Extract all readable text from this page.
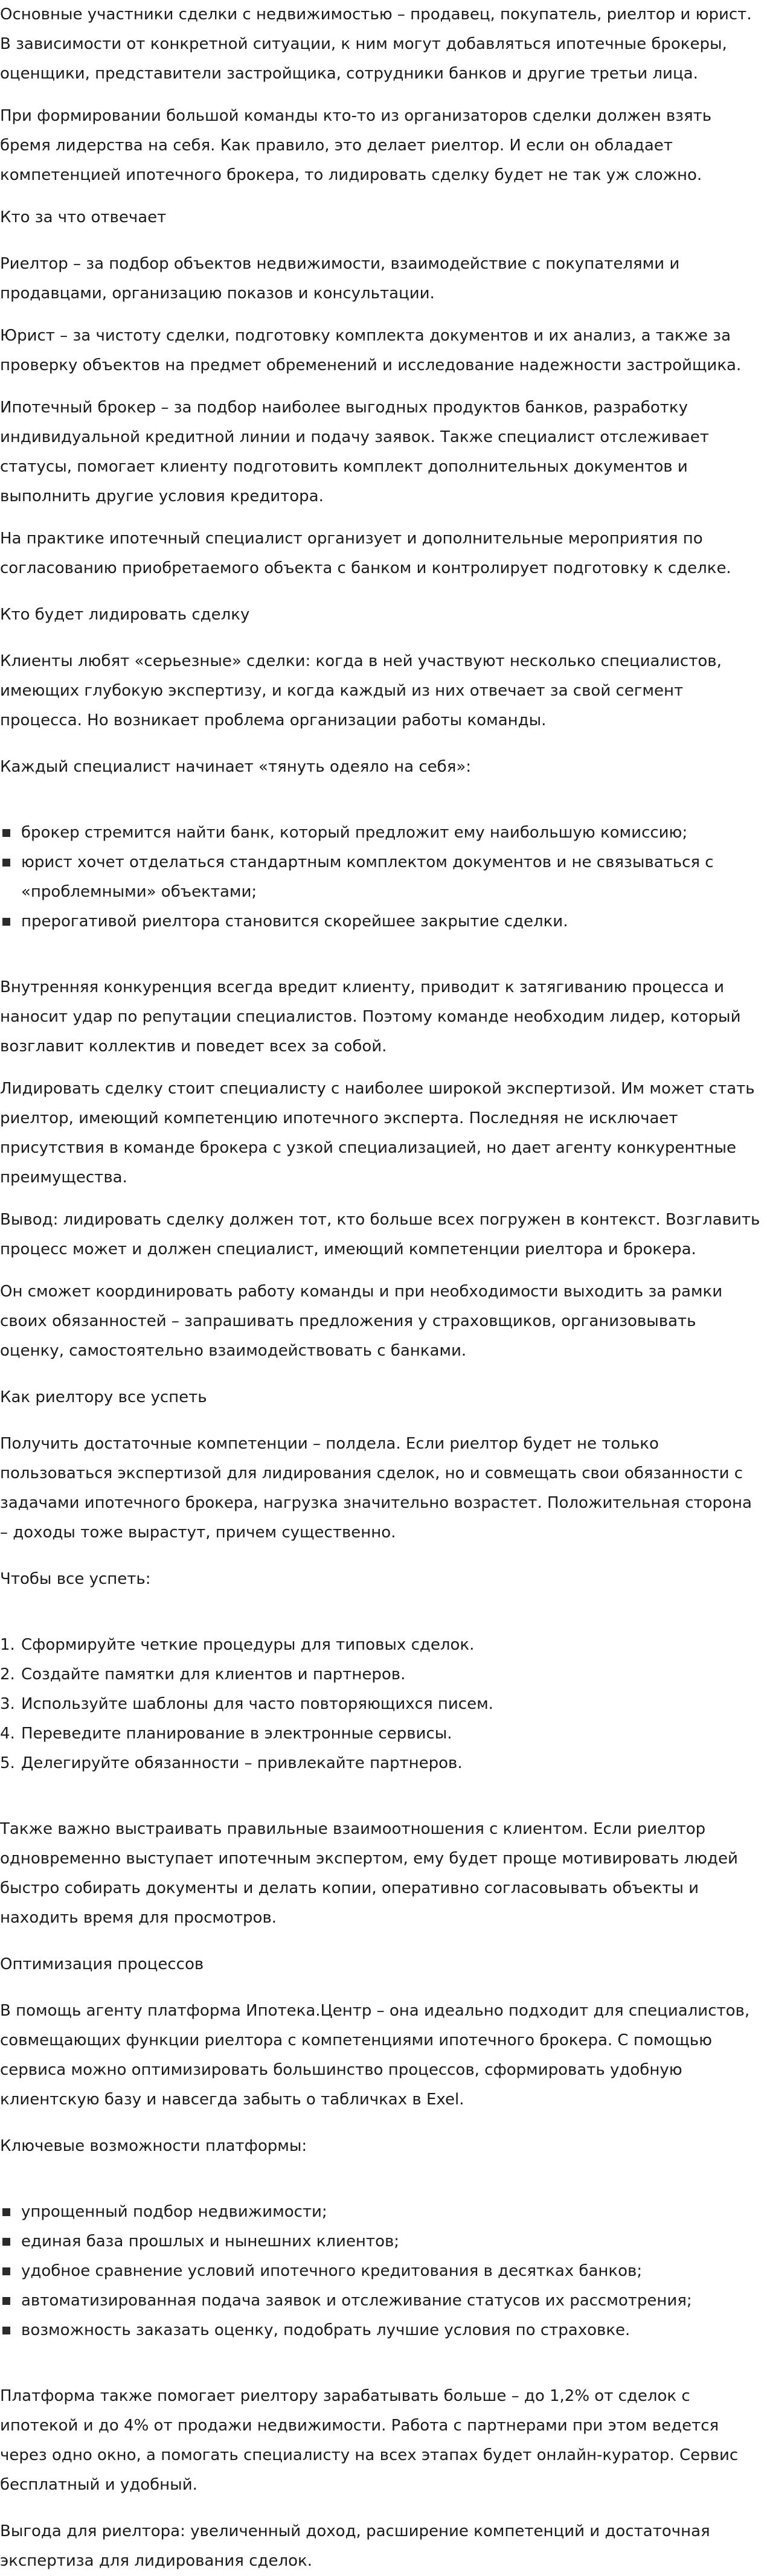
Основные участники сделки с недвижимостью – продавец, покупатель, риелтор и юрист. В зависимости от конкретной ситуации, к ним могут добавляться ипотечные брокеры, оценщики, представители застройщика, сотрудники банков и другие третьи лица.

При формировании большой команды кто-то из организаторов сделки должен взять бремя лидерства на себя. Как правило, это делает риелтор. И если он обладает компетенцией ипотечного брокера, то лидировать сделку будет не так уж сложно.

Кто за что отвечает

Риелтор – за подбор объектов недвижимости, взаимодействие с покупателями и продавцами, организацию показов и консультации.

Юрист – за чистоту сделки, подготовку комплекта документов и их анализ, а также за проверку объектов на предмет обременений и исследование надежности застройщика.

Ипотечный брокер – за подбор наиболее выгодных продуктов банков, разработку индивидуальной кредитной линии и подачу заявок. Также специалист отслеживает статусы, помогает клиенту подготовить комплект дополнительных документов и выполнить другие условия кредитора.

На практике ипотечный специалист организует и дополнительные мероприятия по согласованию приобретаемого объекта с банком и контролирует подготовку к сделке.

Кто будет лидировать сделку

Клиенты любят «серьезные» сделки: когда в ней участвуют несколько специалистов, имеющих глубокую экспертизу, и когда каждый из них отвечает за свой сегмент процесса. Но возникает проблема организации работы команды.

Каждый специалист начинает «тянуть одеяло на себя»:

брокер стремится найти банк, который предложит ему наибольшую комиссию;
юрист хочет отделаться стандартным комплектом документов и не связываться с «проблемными» объектами;
прерогативой риелтора становится скорейшее закрытие сделки.

Внутренняя конкуренция всегда вредит клиенту, приводит к затягиванию процесса и наносит удар по репутации специалистов. Поэтому команде необходим лидер, который возглавит коллектив и поведет всех за собой.

Лидировать сделку стоит специалисту с наиболее широкой экспертизой. Им может стать риелтор, имеющий компетенцию ипотечного эксперта. Последняя не исключает присутствия в команде брокера с узкой специализацией, но дает агенту конкурентные преимущества.

Вывод: лидировать сделку должен тот, кто больше всех погружен в контекст. Возглавить процесс может и должен специалист, имеющий компетенции риелтора и брокера.

Он сможет координировать работу команды и при необходимости выходить за рамки своих обязанностей – запрашивать предложения у страховщиков, организовывать оценку, самостоятельно взаимодействовать с банками.

Как риелтору все успеть

Получить достаточные компетенции – полдела. Если риелтор будет не только пользоваться экспертизой для лидирования сделок, но и совмещать свои обязанности с задачами ипотечного брокера, нагрузка значительно возрастет. Положительная сторона – доходы тоже вырастут, причем существенно.

Чтобы все успеть:

1. Сформируйте четкие процедуры для типовых сделок.
2. Создайте памятки для клиентов и партнеров.
3. Используйте шаблоны для часто повторяющихся писем.
4. Переведите планирование в электронные сервисы.
5. Делегируйте обязанности – привлекайте партнеров.

Также важно выстраивать правильные взаимоотношения с клиентом. Если риелтор одновременно выступает ипотечным экспертом, ему будет проще мотивировать людей быстро собирать документы и делать копии, оперативно согласовывать объекты и находить время для просмотров.

Оптимизация процессов

В помощь агенту платформа Ипотека.Центр – она идеально подходит для специалистов, совмещающих функции риелтора с компетенциями ипотечного брокера. С помощью сервиса можно оптимизировать большинство процессов, сформировать удобную клиентскую базу и навсегда забыть о табличках в Exel.

Ключевые возможности платформы:

упрощенный подбор недвижимости;
единая база прошлых и нынешних клиентов;
удобное сравнение условий ипотечного кредитования в десятках банков;
автоматизированная подача заявок и отслеживание статусов их рассмотрения;
возможность заказать оценку, подобрать лучшие условия по страховке.

Платформа также помогает риелтору зарабатывать больше – до 1,2% от сделок с ипотекой и до 4% от продажи недвижимости. Работа с партнерами при этом ведется через одно окно, а помогать специалисту на всех этапах будет онлайн-куратор. Сервис бесплатный и удобный.

Выгода для риелтора: увеличенный доход, расширение компетенций и достаточная экспертиза для лидирования сделок.
